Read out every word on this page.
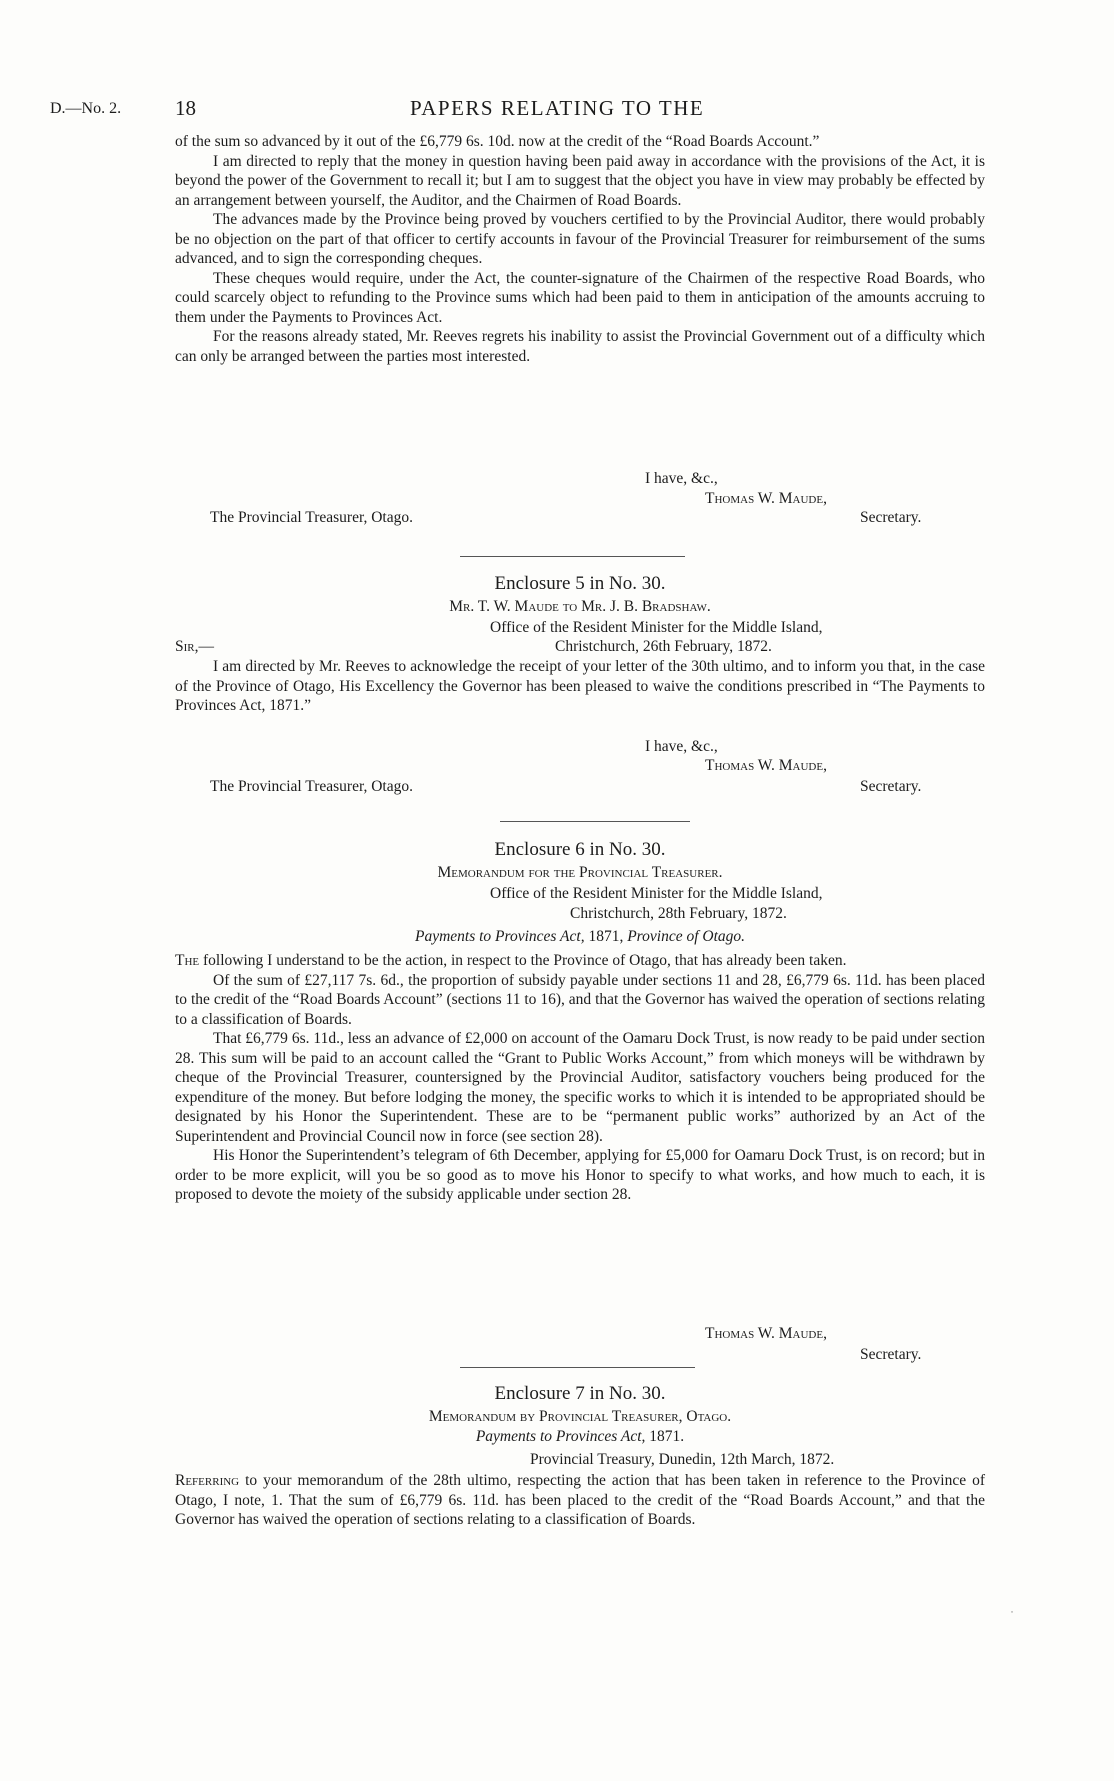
D.—No. 2.	18	PAPERS RELATING TO THE

of the sum so advanced by it out of the £6,779 6s. 10d. now at the credit of the “Road Boards Account.”

I am directed to reply that the money in question having been paid away in accordance with the provisions of the Act, it is beyond the power of the Government to recall it; but I am to suggest that the object you have in view may probably be effected by an arrangement between yourself, the Auditor, and the Chairmen of Road Boards.

The advances made by the Province being proved by vouchers certified to by the Provincial Auditor, there would probably be no objection on the part of that officer to certify accounts in favour of the Provincial Treasurer for reimbursement of the sums advanced, and to sign the corresponding cheques.

These cheques would require, under the Act, the counter-signature of the Chairmen of the respective Road Boards, who could scarcely object to refunding to the Province sums which had been paid to them in anticipation of the amounts accruing to them under the Payments to Provinces Act.

For the reasons already stated, Mr. Reeves regrets his inability to assist the Provincial Government out of a difficulty which can only be arranged between the parties most interested.

I have, &c.,
Thomas W. Maude,
The Provincial Treasurer, Otago.	Secretary.
Enclosure 5 in No. 30.
Mr. T. W. Maude to Mr. J. B. Bradshaw.
Office of the Resident Minister for the Middle Island,
Sir,—	Christchurch, 26th February, 1872.

I am directed by Mr. Reeves to acknowledge the receipt of your letter of the 30th ultimo, and to inform you that, in the case of the Province of Otago, His Excellency the Governor has been pleased to waive the conditions prescribed in “The Payments to Provinces Act, 1871.”

I have, &c.,
Thomas W. Maude,
The Provincial Treasurer, Otago.	Secretary.
Enclosure 6 in No. 30.
Memorandum for the Provincial Treasurer.
Office of the Resident Minister for the Middle Island,
Christchurch, 28th February, 1872.
Payments to Provinces Act, 1871, Province of Otago.

The following I understand to be the action, in respect to the Province of Otago, that has already been taken.

Of the sum of £27,117 7s. 6d., the proportion of subsidy payable under sections 11 and 28, £6,779 6s. 11d. has been placed to the credit of the “Road Boards Account” (sections 11 to 16), and that the Governor has waived the operation of sections relating to a classification of Boards.

That £6,779 6s. 11d., less an advance of £2,000 on account of the Oamaru Dock Trust, is now ready to be paid under section 28. This sum will be paid to an account called the “Grant to Public Works Account,” from which moneys will be withdrawn by cheque of the Provincial Treasurer, countersigned by the Provincial Auditor, satisfactory vouchers being produced for the expenditure of the money. But before lodging the money, the specific works to which it is intended to be appropriated should be designated by his Honor the Superintendent. These are to be “permanent public works” authorized by an Act of the Superintendent and Provincial Council now in force (see section 28).

His Honor the Superintendent’s telegram of 6th December, applying for £5,000 for Oamaru Dock Trust, is on record; but in order to be more explicit, will you be so good as to move his Honor to specify to what works, and how much to each, it is proposed to devote the moiety of the subsidy applicable under section 28.

Thomas W. Maude,
Secretary.
Enclosure 7 in No. 30.
Memorandum by Provincial Treasurer, Otago.
Payments to Provinces Act, 1871.
Provincial Treasury, Dunedin, 12th March, 1872.

Referring to your memorandum of the 28th ultimo, respecting the action that has been taken in reference to the Province of Otago, I note, 1. That the sum of £6,779 6s. 11d. has been placed to the credit of the “Road Boards Account,” and that the Governor has waived the operation of sections relating to a classification of Boards.

˙
